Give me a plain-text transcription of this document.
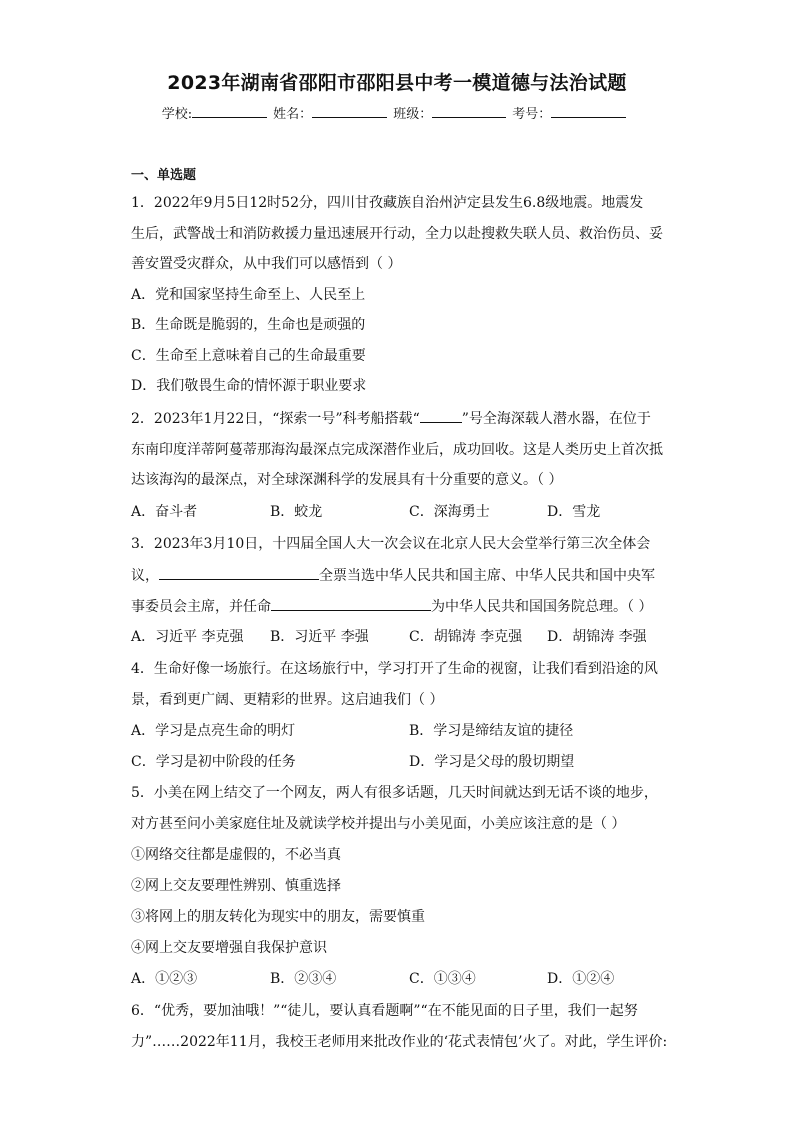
2023年湖南省邵阳市邵阳县中考一模道德与法治试题
学校:	姓名：	班级：	考号：
一、单选题
1．2022年9月5日12时52分，四川甘孜藏族自治州泸定县发生6.8级地震。地震发
生后，武警战士和消防救援力量迅速展开行动，全力以赴搜救失联人员、救治伤员、妥
善安置受灾群众，从中我们可以感悟到（ ）
A．党和国家坚持生命至上、人民至上
B．生命既是脆弱的，生命也是顽强的
C．生命至上意味着自己的生命最重要
D．我们敬畏生命的情怀源于职业要求
2．2023年1月22日，“探索一号”科考船搭载“	”号全海深载人潜水器，在位于
东南印度洋蒂阿蔓蒂那海沟最深点完成深潜作业后，成功回收。这是人类历史上首次抵
达该海沟的最深点，对全球深渊科学的发展具有十分重要的意义。（ ）
A．奋斗者	B．蛟龙	C．深海勇士	D．雪龙
3．2023年3月10日，十四届全国人大一次会议在北京人民大会堂举行第三次全体会
议，	全票当选中华人民共和国主席、中华人民共和国中央军
事委员会主席，并任命	为中华人民共和国国务院总理。（ ）
A．习近平 李克强 B．习近平 李强	C．胡锦涛 李克强 D．胡锦涛 李强
4．生命好像一场旅行。在这场旅行中，学习打开了生命的视窗，让我们看到沿途的风
景，看到更广阔、更精彩的世界。这启迪我们（ ）
A．学习是点亮生命的明灯	B．学习是缔结友谊的捷径
C．学习是初中阶段的任务	D．学习是父母的殷切期望
5．小美在网上结交了一个网友，两人有很多话题，几天时间就达到无话不谈的地步，
对方甚至问小美家庭住址及就读学校并提出与小美见面，小美应该注意的是（ ）
①网络交往都是虚假的，不必当真
②网上交友要理性辨别、慎重选择
③将网上的朋友转化为现实中的朋友，需要慎重
④网上交友要增强自我保护意识
A．①②③	B．②③④	C．①③④	D．①②④
6．“优秀，要加油哦！”“徒儿，要认真看题啊”“在不能见面的日子里，我们一起努
力”……2022年11月，我校王老师用来批改作业的‘花式表情包’火了。对此，学生评价:
